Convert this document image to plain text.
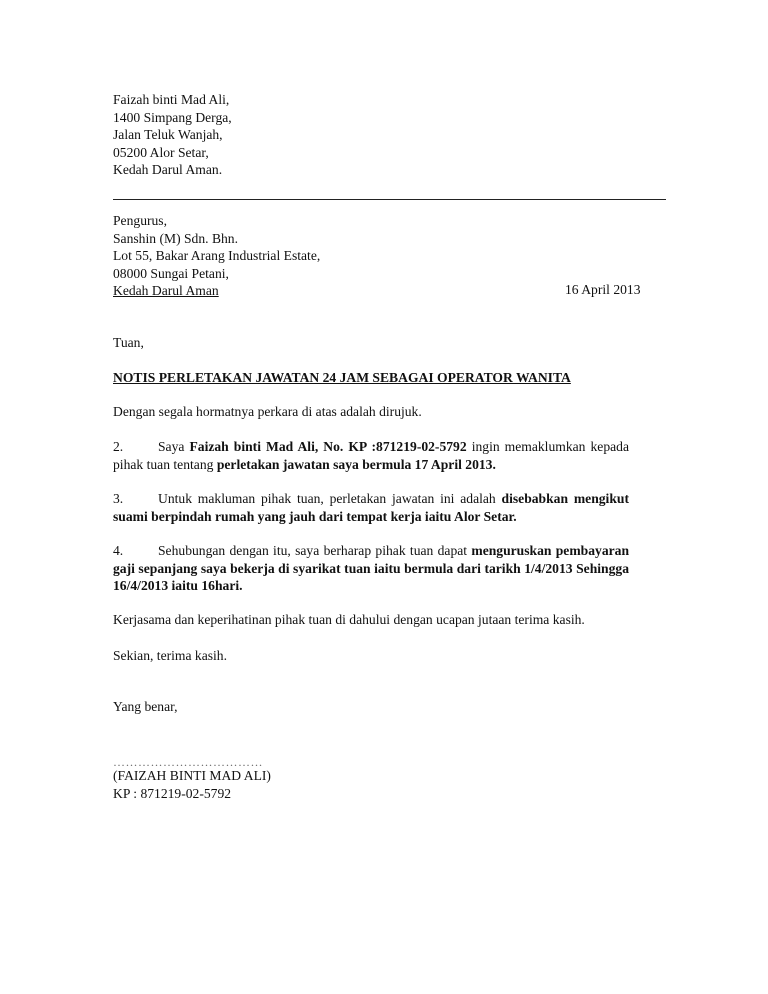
Faizah binti Mad Ali,
1400 Simpang Derga,
Jalan Teluk Wanjah,
05200 Alor Setar,
Kedah Darul Aman.
Pengurus,
Sanshin (M) Sdn. Bhn.
Lot 55, Bakar Arang Industrial Estate,
08000 Sungai Petani,
Kedah Darul Aman	16 April 2013
Tuan,
NOTIS PERLETAKAN JAWATAN 24 JAM SEBAGAI OPERATOR WANITA
Dengan segala hormatnya perkara di atas adalah dirujuk.
2.	Saya Faizah binti Mad Ali, No. KP :871219-02-5792 ingin memaklumkan kepada pihak tuan tentang perletakan jawatan saya bermula 17 April 2013.
3.	Untuk makluman pihak tuan, perletakan jawatan ini adalah disebabkan mengikut suami berpindah rumah yang jauh dari tempat kerja iaitu Alor Setar.
4.	Sehubungan dengan itu, saya berharap pihak tuan dapat menguruskan pembayaran gaji sepanjang saya bekerja di syarikat tuan iaitu bermula dari tarikh 1/4/2013 Sehingga 16/4/2013 iaitu 16hari.
Kerjasama dan keperihatinan pihak tuan di dahului dengan ucapan jutaan terima kasih.
Sekian, terima kasih.
Yang benar,
………………………………
(FAIZAH BINTI MAD ALI)
KP : 871219-02-5792
